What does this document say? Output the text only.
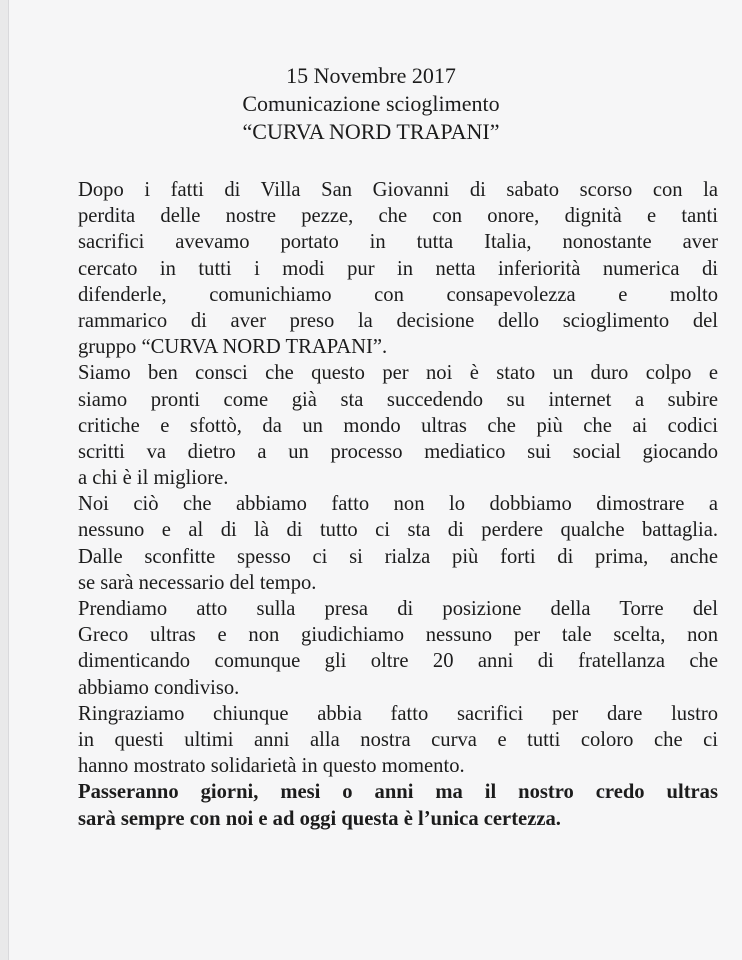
15 Novembre 2017
Comunicazione scioglimento
“CURVA NORD TRAPANI”
Dopo i fatti di Villa San Giovanni di sabato scorso con la
perdita delle nostre pezze, che con onore, dignità e tanti
sacrifici avevamo portato in tutta Italia, nonostante aver
cercato in tutti i modi pur in netta inferiorità numerica di
difenderle, comunichiamo con consapevolezza e molto
rammarico di aver preso la decisione dello scioglimento del
gruppo “CURVA NORD TRAPANI”.
Siamo ben consci che questo per noi è stato un duro colpo e
siamo pronti come già sta succedendo su internet a subire
critiche e sfottò, da un mondo ultras che più che ai codici
scritti va dietro a un processo mediatico sui social giocando
a chi è il migliore.
Noi ciò che abbiamo fatto non lo dobbiamo dimostrare a
nessuno e al di là di tutto ci sta di perdere qualche battaglia.
Dalle sconfitte spesso ci si rialza più forti di prima, anche
se sarà necessario del tempo.
Prendiamo atto sulla presa di posizione della Torre del
Greco ultras e non giudichiamo nessuno per tale scelta, non
dimenticando comunque gli oltre 20 anni di fratellanza che
abbiamo condiviso.
Ringraziamo chiunque abbia fatto sacrifici per dare lustro
in questi ultimi anni alla nostra curva e tutti coloro che ci
hanno mostrato solidarietà in questo momento.
Passeranno giorni, mesi o anni ma il nostro credo ultras
sarà sempre con noi e ad oggi questa è l’unica certezza.
